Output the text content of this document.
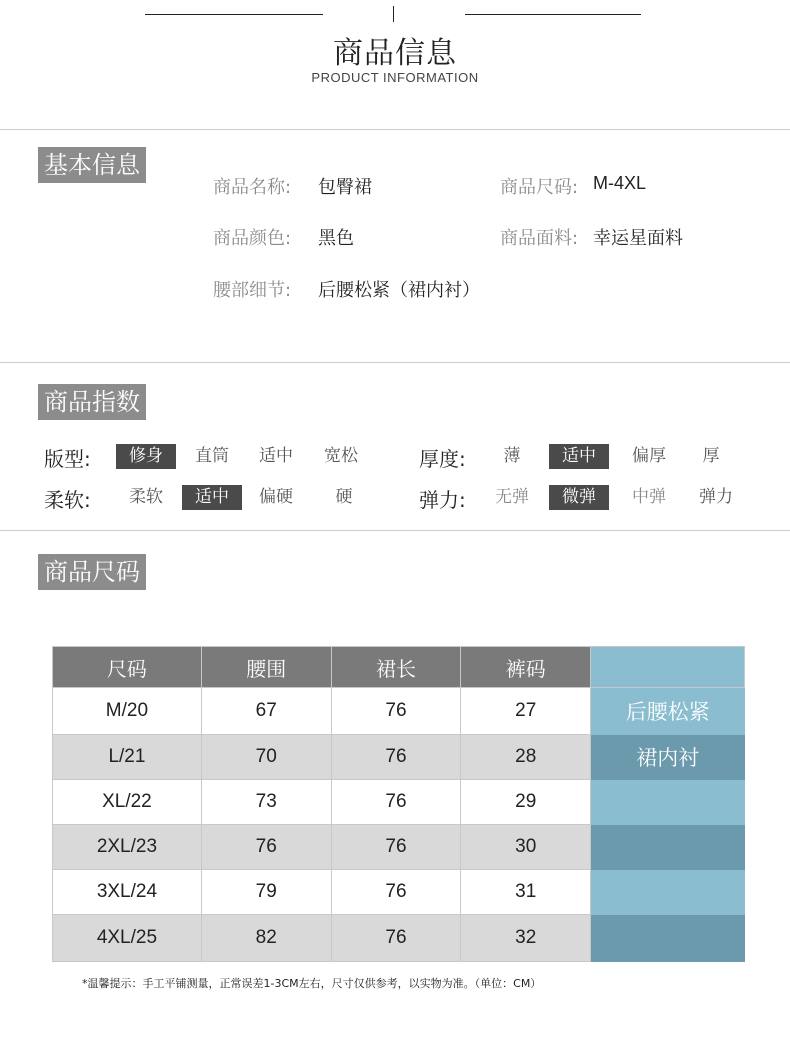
商品信息
PRODUCT INFORMATION
基本信息
商品名称: 包臀裙	商品尺码: M-4XL
商品颜色: 黑色	商品面料: 幸运星面料
腰部细节: 后腰松紧（裙内衬）
商品指数
版型:	修身	直筒	适中	宽松	厚度:	薄	适中	偏厚	厚
柔软:	柔软	适中	偏硬	硬	弹力:	无弹	微弹	中弹	弹力
商品尺码
尺码	腰围	裙长	裤码	
M/20	67	76	27	后腰松紧
L/21	70	76	28	裙内衬
XL/22	73	76	29	
2XL/23	76	76	30	
3XL/24	79	76	31	
4XL/25	82	76	32	
*温馨提示：手工平铺测量，正常误差1-3CM左右，尺寸仅供参考，以实物为准。（单位：CM）
